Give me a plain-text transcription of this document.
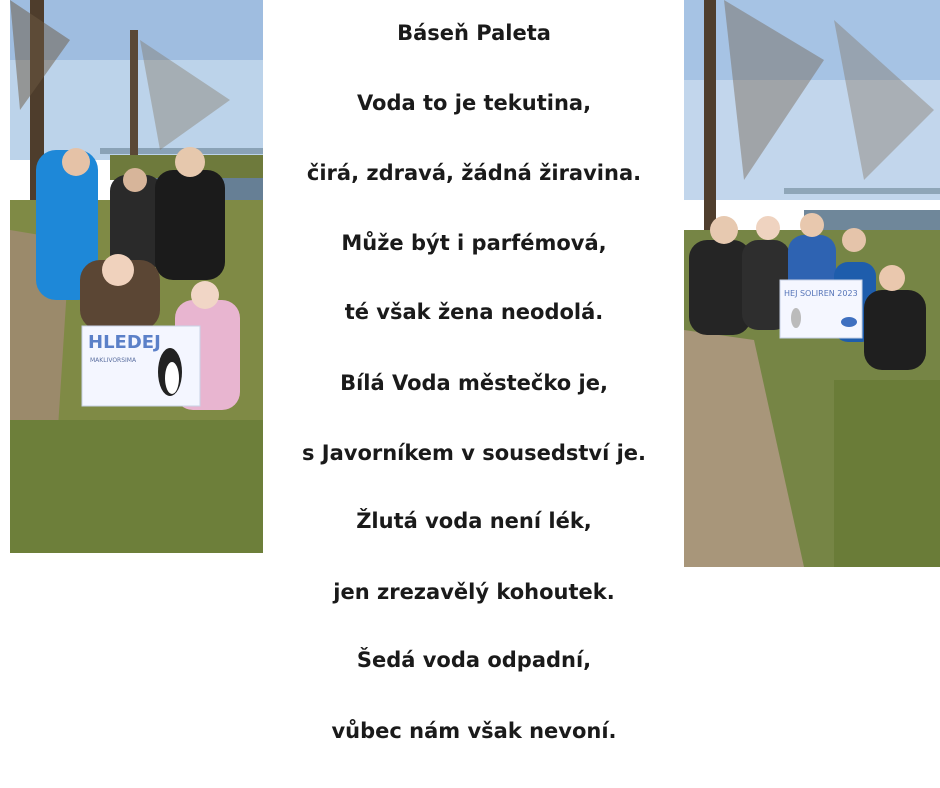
HLEDEJ
MAKLIVORSIMA
Báseň Paleta

Voda to je tekutina,

čirá, zdravá, žádná žiravina.

Může být i parfémová,

té však žena neodolá.

Bílá Voda městečko je,

s Javorníkem v sousedství je.

Žlutá voda není lék,

jen zrezavělý kohoutek.

Šedá voda odpadní,

vůbec nám však nevoní.

HEJ SOLIREN 2023
